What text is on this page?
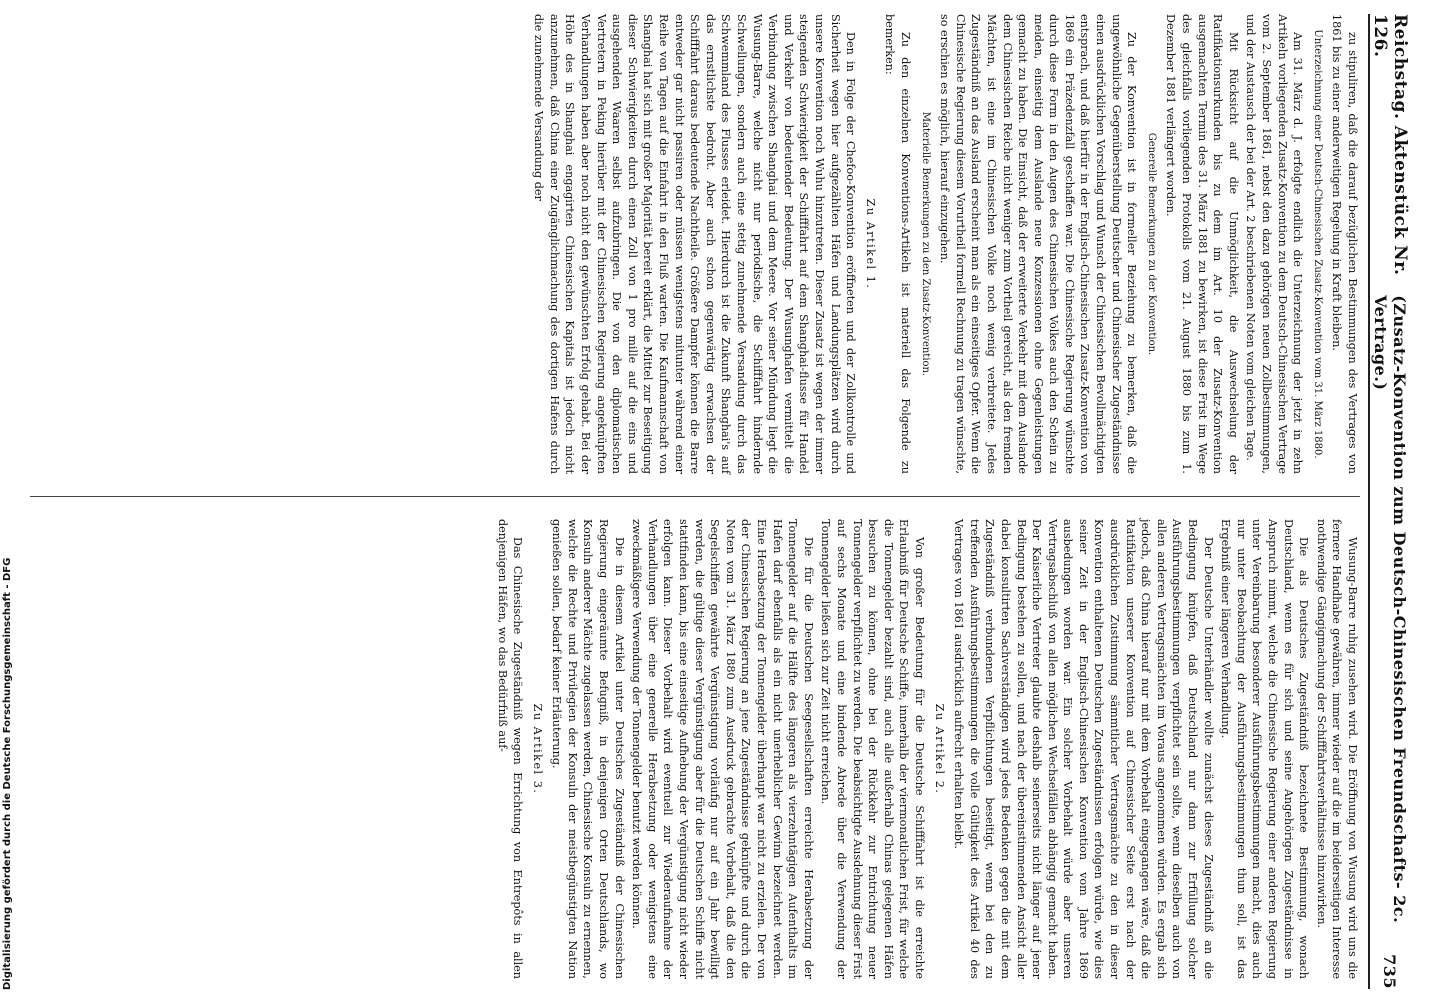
Reichstag. Aktenstück Nr. 126.
(Zusatz-Konvention zum Deutsch-Chinesischen Freundschafts- 2c. Vertrage.)
735

zu stipuliren, daß die darauf bezüglichen Bestimmungen des Vertrages von 1861 bis zu einer anderweitigen Regelung in Kraft bleiben.

Unterzeichnung einer Deutsch-Chinesischen Zusatz-Konvention vom 31. März 1880.

Am 31. März d. J. erfolgte endlich die Unterzeichnung der jetzt in zehn Artikeln vorliegenden Zusatz-Konvention zu dem Deutsch-Chinesischen Vertrage vom 2. September 1861, nebst den dazu gehörigen neuen Zollbestimmungen, und der Austausch der bei der Art. 2 beschriebenen Noten vom gleichen Tage.

Mit Rücksicht auf die Unmöglichkeit, die Auswechselung der Ratifikationsurkunden bis zu dem im Art. 10 der Zusatz-Konvention ausgemachten Termin des 31. März 1881 zu bewirken, ist diese Frist im Wege des gleichfalls vorliegenden Protokolls vom 21. August 1880 bis zum 1. Dezember 1881 verlängert worden.

Generelle Bemerkungen zu der Konvention.

Zu der Konvention ist in formeller Beziehung zu bemerken, daß die ungewöhnliche Gegenüberstellung Deutscher und Chinesischer Zugeständnisse einen ausdrücklichen Vorschlag und Wunsch der Chinesischen Bevollmächtigten entsprach, und daß hierfür in der Englisch-Chinesischen Zusatz-Konvention von 1869 ein Präzedenzfall geschaffen war. Die Chinesische Regierung wünschte durch diese Form in den Augen des Chinesischen Volkes auch den Schein zu meiden, einseitig dem Auslande neue Konzessionen ohne Gegenleistungen gemacht zu haben. Die Einsicht, daß der erweiterte Verkehr mit dem Auslande dem Chinesischen Reiche nicht weniger zum Vortheil gereicht, als den fremden Mächten, ist eine im Chinesischen Volke noch wenig verbreitete. Jedes Zugeständniß an das Ausland erscheint man als ein einseitiges Opfer. Wenn die Chinesische Regierung diesem Vorurtheil formell Rechnung zu tragen wünschte, so erschien es möglich, hierauf einzugehen.

Materielle Bemerkungen zu den Zusatz-Konvention.

Zu den einzelnen Konventions-Artikeln ist materiell das Folgende zu bemerken:

Zu Artikel 1.

Den in Folge der Chefoo-Konvention eröffneten und der Zollkontrolle und Sicherheit wegen hier aufgezählten Häfen und Landungsplätzen wird durch unsere Konvention noch Wuhu hinzutreten. Dieser Zusatz ist wegen der immer steigenden Schwierigkeit der Schifffahrt auf dem Shanghai-flusse für Handel und Verkehr von bedeutender Bedeutung. Der Wusunghafen vermittelt die Verbindung zwischen Shanghai und dem Meere. Vor seiner Mündung liegt die Wusung-Barre, welche nicht nur periodische, die Schifffahrt hindernde Schwellungen, sondern auch eine stetig zunehmende Versandung durch das Schwemmland des Flusses erleidet. Hierdurch ist die Zukunft Shanghai's auf das ernstlichste bedroht. Aber auch schon gegenwärtig erwachsen der Schifffahrt daraus bedeutende Nachtheile. Größere Dampfer können die Barre entweder gar nicht passiren oder müssen wenigstens mitunter während einer Reihe von Tagen auf die Einfahrt in den Fluß warten. Die Kaufmannschaft von Shanghai hat sich mit großer Majorität bereit erklärt, die Mittel zur Beseitigung dieser Schwierigkeiten durch einen Zoll von 1 pro mille auf die eins und ausgehenden Waaren selbst aufzubringen. Die von den diplomatischen Vertretern in Peking hierüber mit der Chinesischen Regierung angeknüpften Verhandlungen haben aber noch nicht den gewünschten Erfolg gehabt. Bei der Höhe des in Shanghai engagirten Chinesischen Kapitals ist jedoch nicht anzunehmen, daß China einer Zugänglichmachung des dortigen Hafens durch die zunehmende Versandung der

Wusung-Barre ruhig zusehen wird. Die Eröffnung von Wusung wird uns die fernere Handhabe gewähren, immer wieder auf die im beiderseitigen Interesse nothwendige Gängigmachung der Schifffahrtsverhältnisse hinzuwirken.

Die als Deutsches Zugeständniß bezeichnete Bestimmung, wonach Deutschland, wenn es für sich und seine Angehörigen Zugeständnisse in Anspruch nimmt, welche die Chinesische Regierung einer anderen Regierung unter Vereinbarung besonderer Ausführungsbestimmungen macht, dies auch nur unter Beobachtung der Ausführungsbestimmungen thun soll, ist das Ergebniß einer längeren Verhandlung.

Der Deutsche Unterhändler wollte zunächst dieses Zugeständniß an die Bedingung knüpfen, daß Deutschland nur dann zur Erfüllung solcher Ausführungsbestimmungen verpflichtet sein sollte, wenn dieselben auch von allen anderen Vertragsmächten im Voraus angenommen würden. Es ergab sich jedoch, daß China hierauf nur mit dem Vorbehalt eingegangen wäre, daß die Ratifikation unserer Konvention auf Chinesischer Seite erst nach der ausdrücklichen Zustimmung sämmtlicher Vertragsmächte zu den in dieser Konvention enthaltenen Deutschen Zugeständnissen erfolgen würde, wie dies seiner Zeit in der Englisch-Chinesischen Konvention vom Jahre 1869 ausbedungen worden war. Ein solcher Vorbehalt würde aber unseren Vertragsabschluß von allen möglichen Wechselfällen abhängig gemacht haben. Der Kaiserliche Vertreter glaubte deshalb seinerseits nicht länger auf jener Bedingung bestehen zu sollen, und nach der übereinstimmenden Ansicht aller dabei konsultirten Sachverständigen wird jedes Bedenken gegen die mit dem Zugeständniß verbundenen Verpflichtungen beseitigt, wenn bei den zu treffenden Ausführungsbestimmungen die volle Gültigkeit des Artikel 40 des Vertrages von 1861 ausdrücklich aufrecht erhalten bleibt.

Zu Artikel 2.

Von großer Bedeutung für die Deutsche Schifffahrt ist die erreichte Erlaubniß für Deutsche Schiffe, innerhalb der viermonatlichen Frist, für welche die Tonnengelder bezahlt sind, auch alle außerhalb Chinas gelegenen Häfen besuchen zu können, ohne bei der Rückkehr zur Entrichtung neuer Tonnengelder verpflichtet zu werden. Die beabsichtigte Ausdehnung dieser Frist auf sechs Monate und eine bindende Abrede über die Verwendung der Tonnengelder ließen sich zur Zeit nicht erreichen.

Die für die Deutschen Seegesellschaften erreichte Herabsetzung der Tonnengelder auf die Hälfte des längeren als vierzehntägigen Aufenthalts im Hafen darf ebenfalls als ein nicht unerheblicher Gewinn bezeichnet werden. Eine Herabsetzung der Tonnengelder überhaupt war nicht zu erzielen. Der von der Chinesischen Regierung an jene Zugeständnisse geknüpfte und durch die Noten vom 31. März 1880 zum Ausdruck gebrachte Vorbehalt, daß die den Segelschiffen gewährte Vergünstigung vorläufig nur auf ein Jahr bewilligt werden, die gültige dieser Vergünstigung aber für die Deutschen Schiffe nicht stattfinden kann, bis eine einseitige Aufhebung der Vergünstigung nicht wieder erfolgen kann. Dieser Vorbehalt wird eventuell zur Wiederaufnahme der Verhandlungen über eine generelle Herabsetzung oder wenigstens eine zweckmäßigere Verwendung der Tonnengelder benutzt werden können.

Die in diesem Artikel unter Deutsches Zugeständniß der Chinesischen Regierung eingeräumte Befugniß, in denjenigen Orten Deutschlands, wo Konsuln anderer Mächte zugelassen werden, Chinesische Konsuln zu ernennen, welche die Rechte und Privilegien der Konsuln der meistbegünstigten Nation genießen sollen, bedarf keiner Erläuterung.

Zu Artikel 3.

Das Chinesische Zugeständniß wegen Errichtung von Entrepôts in allen denjenigen Häfen, wo das Bedürfniß auf-

Digitalisierung gefördert durch die Deutsche Forschungsgemeinschaft - DFG
